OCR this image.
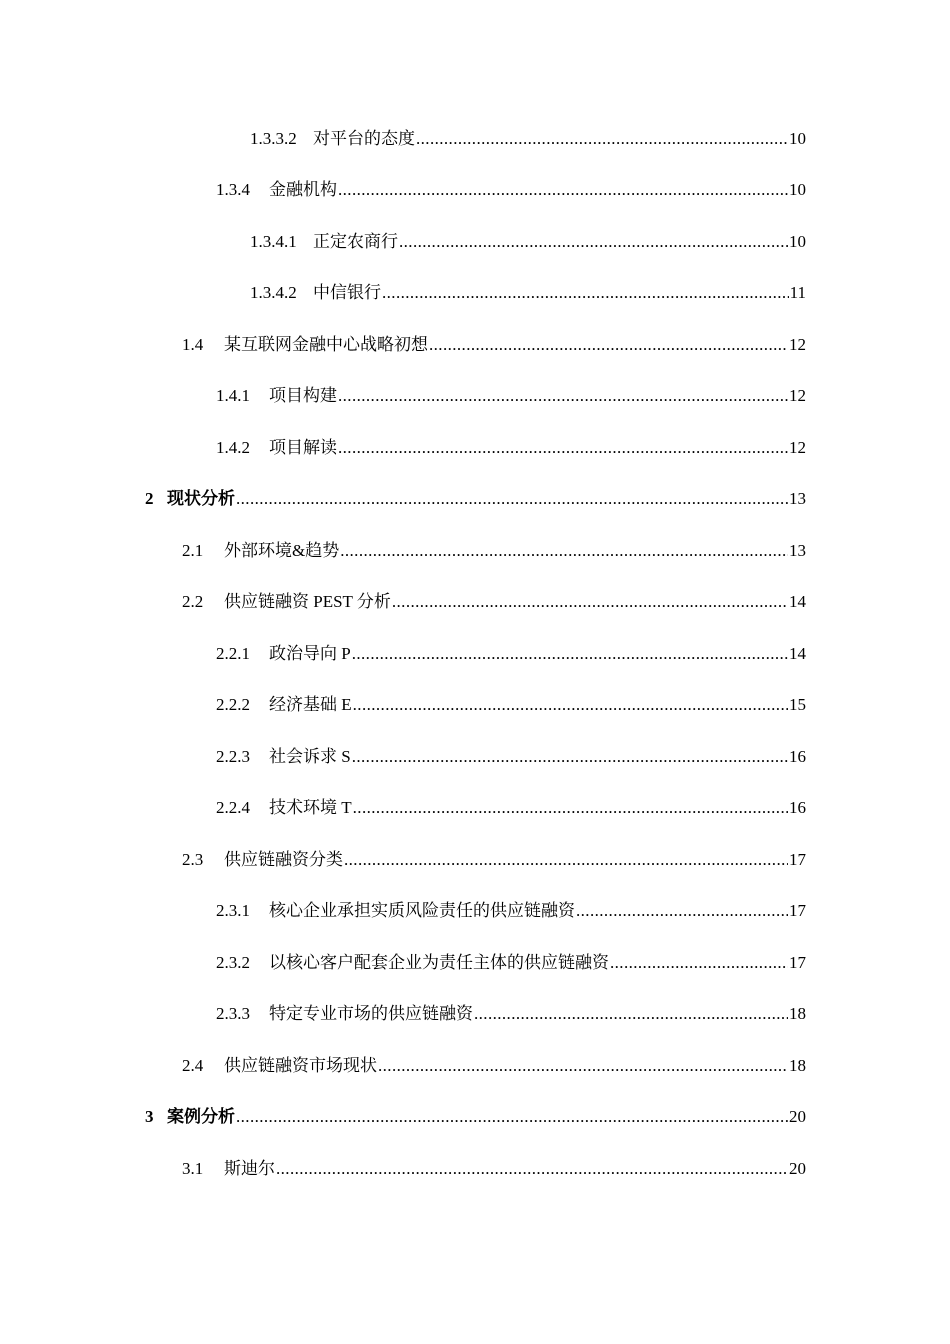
1.3.3.2 对平台的态度 .....	10
1.3.4	金融机构 .....	10
1.3.4.1 正定农商行 .....	10
1.3.4.2 中信银行 .....	11
1.4	某互联网金融中心战略初想 .....	12
1.4.1	项目构建 .....	12
1.4.2	项目解读 .....	12
2 现状分析 .....	13
2.1	外部环境&趋势 .....	13
2.2	供应链融资 PEST 分析 .....	14
2.2.1	政治导向 P .....	14
2.2.2	经济基础 E .....	15
2.2.3	社会诉求 S .....	16
2.2.4	技术环境 T .....	16
2.3	供应链融资分类 .....	17
2.3.1	核心企业承担实质风险责任的供应链融资 .....	17
2.3.2	以核心客户配套企业为责任主体的供应链融资 .....	17
2.3.3	特定专业市场的供应链融资 .....	18
2.4	供应链融资市场现状 .....	18
3 案例分析 .....	20
3.1	斯迪尔 .....	20
